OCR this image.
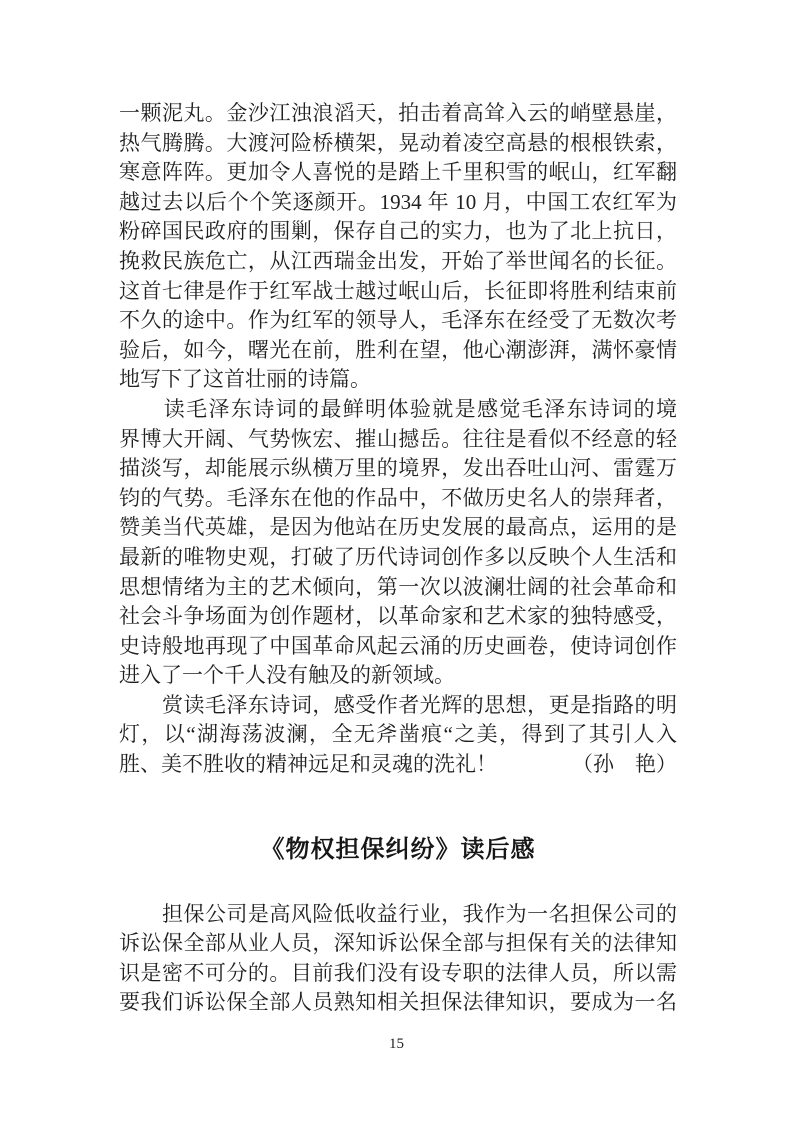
一颗泥丸。金沙江浊浪滔天，拍击着高耸入云的峭壁悬崖，
热气腾腾。大渡河险桥横架，晃动着凌空高悬的根根铁索，
寒意阵阵。更加令人喜悦的是踏上千里积雪的岷山，红军翻
越过去以后个个笑逐颜开。1934 年 10 月，中国工农红军为
粉碎国民政府的围剿，保存自己的实力，也为了北上抗日，
挽救民族危亡，从江西瑞金出发，开始了举世闻名的长征。
这首七律是作于红军战士越过岷山后，长征即将胜利结束前
不久的途中。作为红军的领导人，毛泽东在经受了无数次考
验后，如今，曙光在前，胜利在望，他心潮澎湃，满怀豪情
地写下了这首壮丽的诗篇。
　　读毛泽东诗词的最鲜明体验就是感觉毛泽东诗词的境
界博大开阔、气势恢宏、摧山撼岳。往往是看似不经意的轻
描淡写，却能展示纵横万里的境界，发出吞吐山河、雷霆万
钧的气势。毛泽东在他的作品中，不做历史名人的崇拜者，
赞美当代英雄，是因为他站在历史发展的最高点，运用的是
最新的唯物史观，打破了历代诗词创作多以反映个人生活和
思想情绪为主的艺术倾向，第一次以波澜壮阔的社会革命和
社会斗争场面为创作题材，以革命家和艺术家的独特感受，
史诗般地再现了中国革命风起云涌的历史画卷，使诗词创作
进入了一个千人没有触及的新领域。
　　赏读毛泽东诗词，感受作者光辉的思想，更是指路的明
灯，以“湖海荡波澜，全无斧凿痕“之美，得到了其引人入
胜、美不胜收的精神远足和灵魂的洗礼！	（孙　艳）
《物权担保纠纷》读后感
　　担保公司是高风险低收益行业，我作为一名担保公司的
诉讼保全部从业人员，深知诉讼保全部与担保有关的法律知
识是密不可分的。目前我们没有设专职的法律人员，所以需
要我们诉讼保全部人员熟知相关担保法律知识，要成为一名
15
